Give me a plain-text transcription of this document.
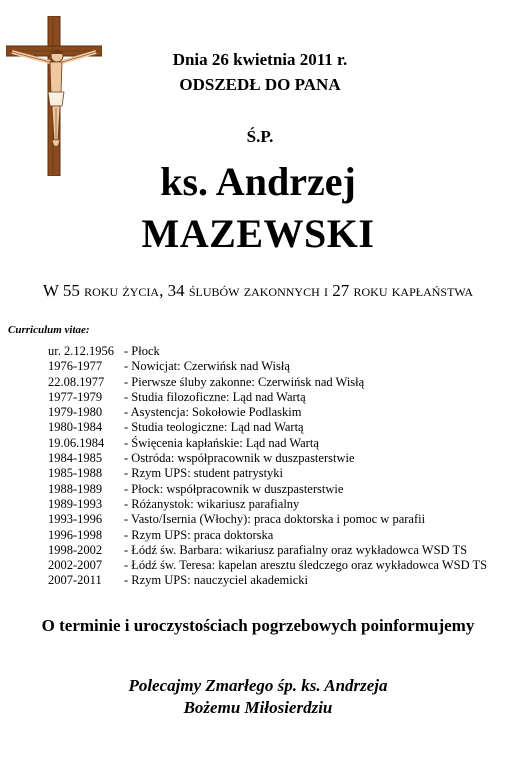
Dnia 26 kwietnia 2011 r.
ODSZEDŁ DO PANA
Ś.P.
ks. Andrzej
MAZEWSKI
W 55 roku życia, 34 ślubów zakonnych i 27 roku kapłaństwa
Curriculum vitae:
ur. 2.12.1956 - Płock
1976-1977 - Nowicjat: Czerwińsk nad Wisłą
22.08.1977 - Pierwsze śluby zakonne: Czerwińsk nad Wisłą
1977-1979 - Studia filozoficzne: Ląd nad Wartą
1979-1980 - Asystencja: Sokołowie Podlaskim
1980-1984 - Studia teologiczne: Ląd nad Wartą
19.06.1984 - Święcenia kapłańskie: Ląd nad Wartą
1984-1985 - Ostróda: współpracownik w duszpasterstwie
1985-1988 - Rzym UPS: student patrystyki
1988-1989 - Płock: współpracownik w duszpasterstwie
1989-1993 - Różanystok: wikariusz parafialny
1993-1996 - Vasto/Isernia (Włochy): praca doktorska i pomoc w parafii
1996-1998 - Rzym UPS: praca doktorska
1998-2002 - Łódź św. Barbara: wikariusz parafialny oraz wykładowca WSD TS
2002-2007 - Łódź św. Teresa: kapelan aresztu śledczego oraz wykładowca WSD TS
2007-2011 - Rzym UPS: nauczyciel akademicki
O terminie i uroczystościach pogrzebowych poinformujemy
Polecajmy Zmarłego śp. ks. Andrzeja
Bożemu Miłosierdziu
